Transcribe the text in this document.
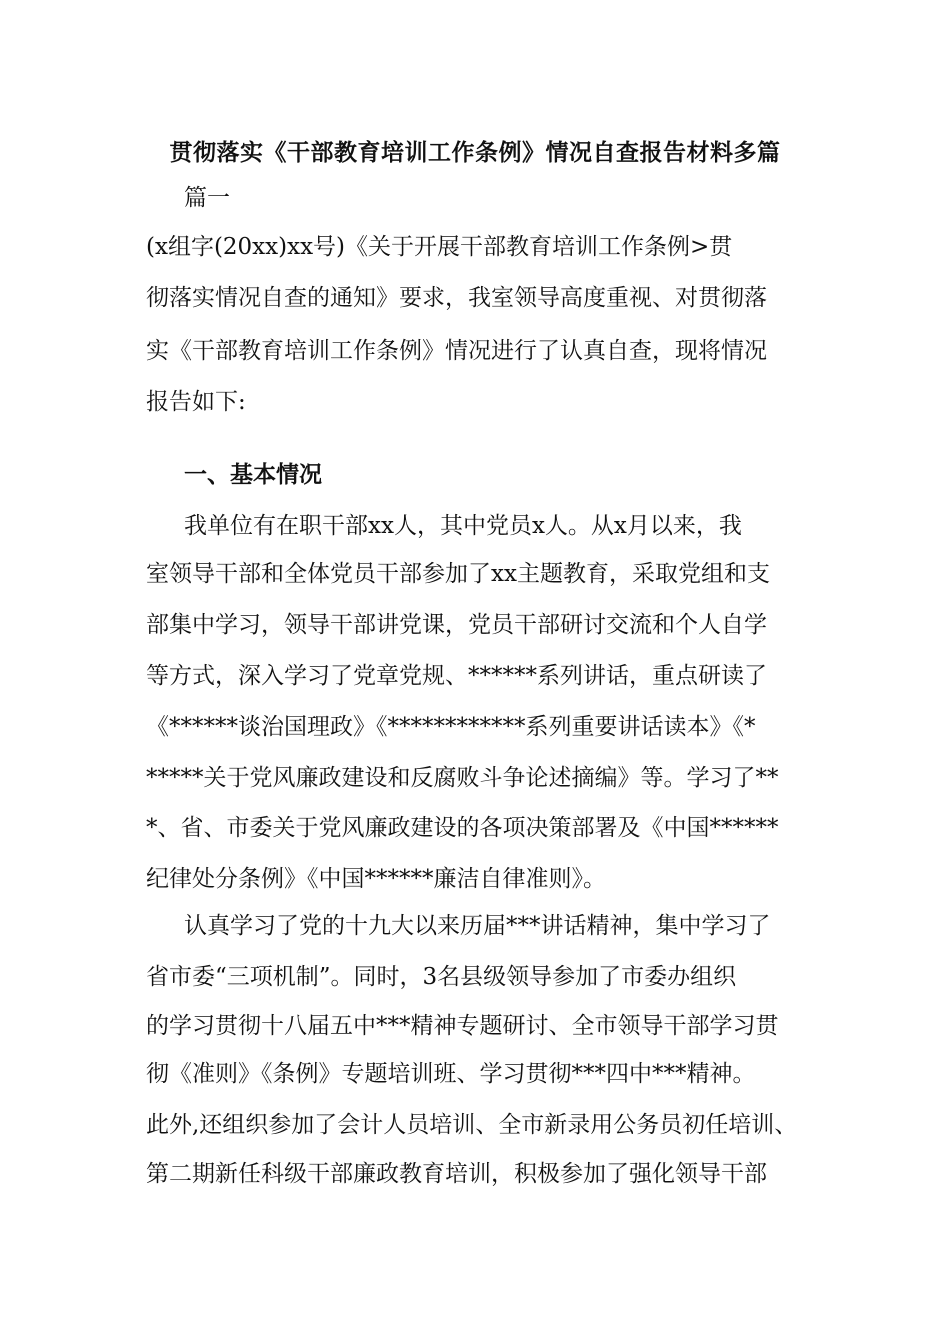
贯彻落实《干部教育培训工作条例》情况自查报告材料多篇
篇一
(x组字(20xx)xx号)《关于开展干部教育培训工作条例>贯
彻落实情况自查的通知》要求，我室领导高度重视、对贯彻落
实《干部教育培训工作条例》情况进行了认真自查，现将情况
报告如下:
一、基本情况
我单位有在职干部xx人，其中党员x人。从x月以来，我
室领导干部和全体党员干部参加了xx主题教育，采取党组和支
部集中学习，领导干部讲党课，党员干部研讨交流和个人自学
等方式，深入学习了党章党规、******系列讲话，重点研读了
《******谈治国理政》《************系列重要讲话读本》《*
*****关于党风廉政建设和反腐败斗争论述摘编》等。学习了**
*、省、市委关于党风廉政建设的各项决策部署及《中国******
纪律处分条例》《中国******廉洁自律准则》。
认真学习了党的十九大以来历届***讲话精神，集中学习了
省市委“三项机制”。同时，3名县级领导参加了市委办组织
的学习贯彻十八届五中***精神专题研讨、全市领导干部学习贯
彻《准则》《条例》专题培训班、学习贯彻***四中***精神。
此外,还组织参加了会计人员培训、全市新录用公务员初任培训、
第二期新任科级干部廉政教育培训，积极参加了强化领导干部
